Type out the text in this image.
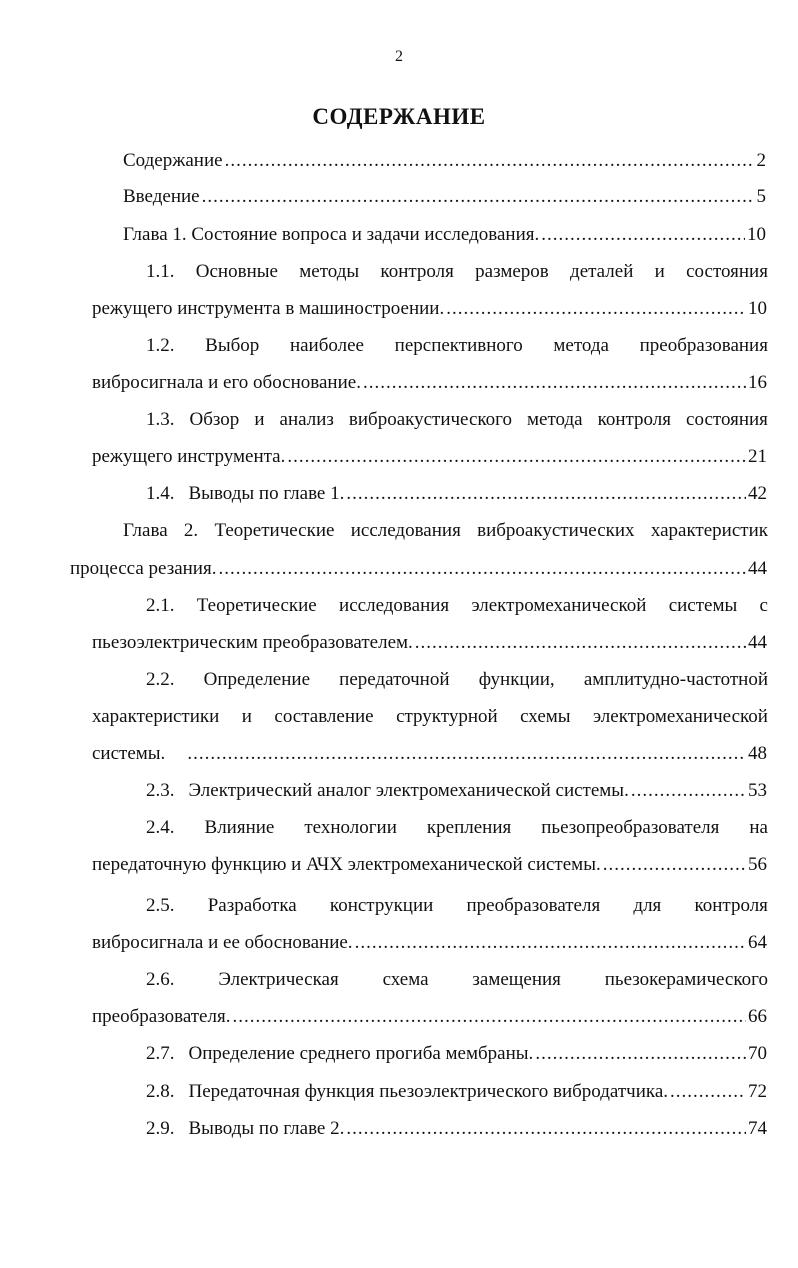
2
СОДЕРЖАНИЕ
Содержание .....	2
Введение .....	5
Глава 1. Состояние вопроса и задачи исследования. .....	10
1.1. Основные методы контроля размеров деталей и состояния
режущего инструмента в машиностроении. .....	10
1.2. Выбор наиболее перспективного метода преобразования
вибросигнала и его обоснование. .....	16
1.3. Обзор и анализ виброакустического метода контроля состояния
режущего инструмента. .....	21
1.4. Выводы по главе 1. .....	42
Глава 2. Теоретические исследования виброакустических характеристик
процесса резания. .....	44
2.1. Теоретические исследования электромеханической системы с
пьезоэлектрическим преобразователем. .....	44
2.2. Определение передаточной функции, амплитудно-частотной
характеристики и составление структурной схемы электромеханической
системы. .....	48
2.3. Электрический аналог электромеханической системы. .....	53
2.4. Влияние технологии крепления пьезопреобразователя на
передаточную функцию и АЧХ электромеханической системы. .....	56
2.5. Разработка конструкции преобразователя для контроля
вибросигнала и ее обоснование. .....	64
2.6. Электрическая схема замещения пьезокерамического
преобразователя. .....	66
2.7. Определение среднего прогиба мембраны. .....	70
2.8. Передаточная функция пьезоэлектрического вибродатчика. .....	72
2.9. Выводы по главе 2. .....	74
